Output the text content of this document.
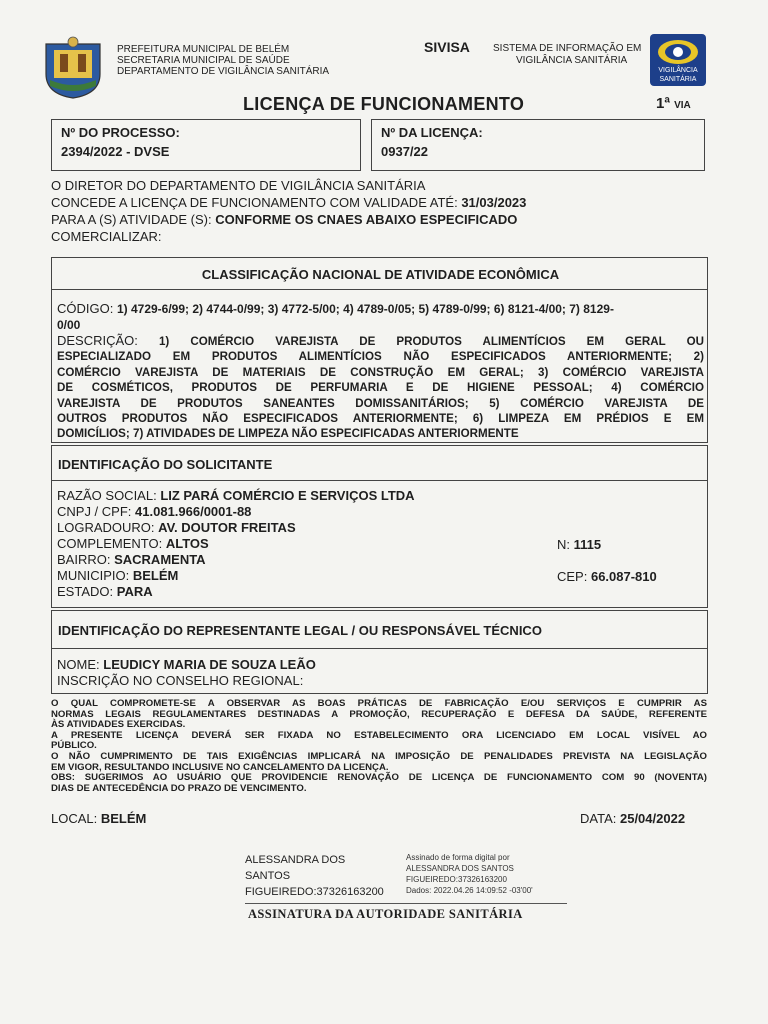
PREFEITURA MUNICIPAL DE BELÉM
SECRETARIA MUNICIPAL DE SAÚDE
DEPARTAMENTO DE VIGILÂNCIA SANITÁRIA
SIVISA SISTEMA DE INFORMAÇÃO EM
VIGILÂNCIA SANITÁRIA
VIGILÂNCIA
SANITÁRIA
LICENÇA DE FUNCIONAMENTO	1ª VIA
Nº DO PROCESSO:
2394/2022 - DVSE
Nº DA LICENÇA:
0937/22
O DIRETOR DO DEPARTAMENTO DE VIGILÂNCIA SANITÁRIA
CONCEDE A LICENÇA DE FUNCIONAMENTO COM VALIDADE ATÉ: 31/03/2023
PARA A (S) ATIVIDADE (S): CONFORME OS CNAES ABAIXO ESPECIFICADO
COMERCIALIZAR:
CLASSIFICAÇÃO NACIONAL DE ATIVIDADE ECONÔMICA
CÓDIGO: 1) 4729-6/99; 2) 4744-0/99; 3) 4772-5/00; 4) 4789-0/05; 5) 4789-0/99; 6) 8121-4/00; 7) 8129-
0/00
DESCRIÇÃO: 1) COMÉRCIO VAREJISTA DE PRODUTOS ALIMENTÍCIOS EM GERAL OU
ESPECIALIZADO EM PRODUTOS ALIMENTÍCIOS NÃO ESPECIFICADOS ANTERIORMENTE; 2)
COMÉRCIO VAREJISTA DE MATERIAIS DE CONSTRUÇÃO EM GERAL; 3) COMÉRCIO VAREJISTA
DE COSMÉTICOS, PRODUTOS DE PERFUMARIA E DE HIGIENE PESSOAL; 4) COMÉRCIO
VAREJISTA DE PRODUTOS SANEANTES DOMISSANITÁRIOS; 5) COMÉRCIO VAREJISTA DE
OUTROS PRODUTOS NÃO ESPECIFICADOS ANTERIORMENTE; 6) LIMPEZA EM PRÉDIOS E EM
DOMICÍLIOS; 7) ATIVIDADES DE LIMPEZA NÃO ESPECIFICADAS ANTERIORMENTE
IDENTIFICAÇÃO DO SOLICITANTE
RAZÃO SOCIAL: LIZ PARÁ COMÉRCIO E SERVIÇOS LTDA
CNPJ / CPF: 41.081.966/0001-88
LOGRADOURO: AV. DOUTOR FREITAS
COMPLEMENTO: ALTOS	N: 1115
BAIRRO: SACRAMENTA
MUNICIPIO: BELÉM	CEP: 66.087-810
ESTADO: PARA
IDENTIFICAÇÃO DO REPRESENTANTE LEGAL / OU RESPONSÁVEL TÉCNICO
NOME: LEUDICY MARIA DE SOUZA LEÃO
INSCRIÇÃO NO CONSELHO REGIONAL:
O QUAL COMPROMETE-SE A OBSERVAR AS BOAS PRÁTICAS DE FABRICAÇÃO E/OU SERVIÇOS E CUMPRIR AS
NORMAS LEGAIS REGULAMENTARES DESTINADAS A PROMOÇÃO, RECUPERAÇÃO E DEFESA DA SAÚDE, REFERENTE
ÀS ATIVIDADES EXERCIDAS.
A PRESENTE LICENÇA DEVERÁ SER FIXADA NO ESTABELECIMENTO ORA LICENCIADO EM LOCAL VISÍVEL AO
PÚBLICO.
O NÃO CUMPRIMENTO DE TAIS EXIGÊNCIAS IMPLICARÁ NA IMPOSIÇÃO DE PENALIDADES PREVISTA NA LEGISLAÇÃO
EM VIGOR, RESULTANDO INCLUSIVE NO CANCELAMENTO DA LICENÇA.
OBS: SUGERIMOS AO USUÁRIO QUE PROVIDENCIE RENOVAÇÃO DE LICENÇA DE FUNCIONAMENTO COM 90 (NOVENTA)
DIAS DE ANTECEDÊNCIA DO PRAZO DE VENCIMENTO.
LOCAL: BELÉM	DATA: 25/04/2022
ALESSANDRA DOS
SANTOS
FIGUEIREDO:37326163200
Assinado de forma digital por
ALESSANDRA DOS SANTOS
FIGUEIREDO:37326163200
Dados: 2022.04.26 14:09:52 -03'00'
ASSINATURA DA AUTORIDADE SANITÁRIA
